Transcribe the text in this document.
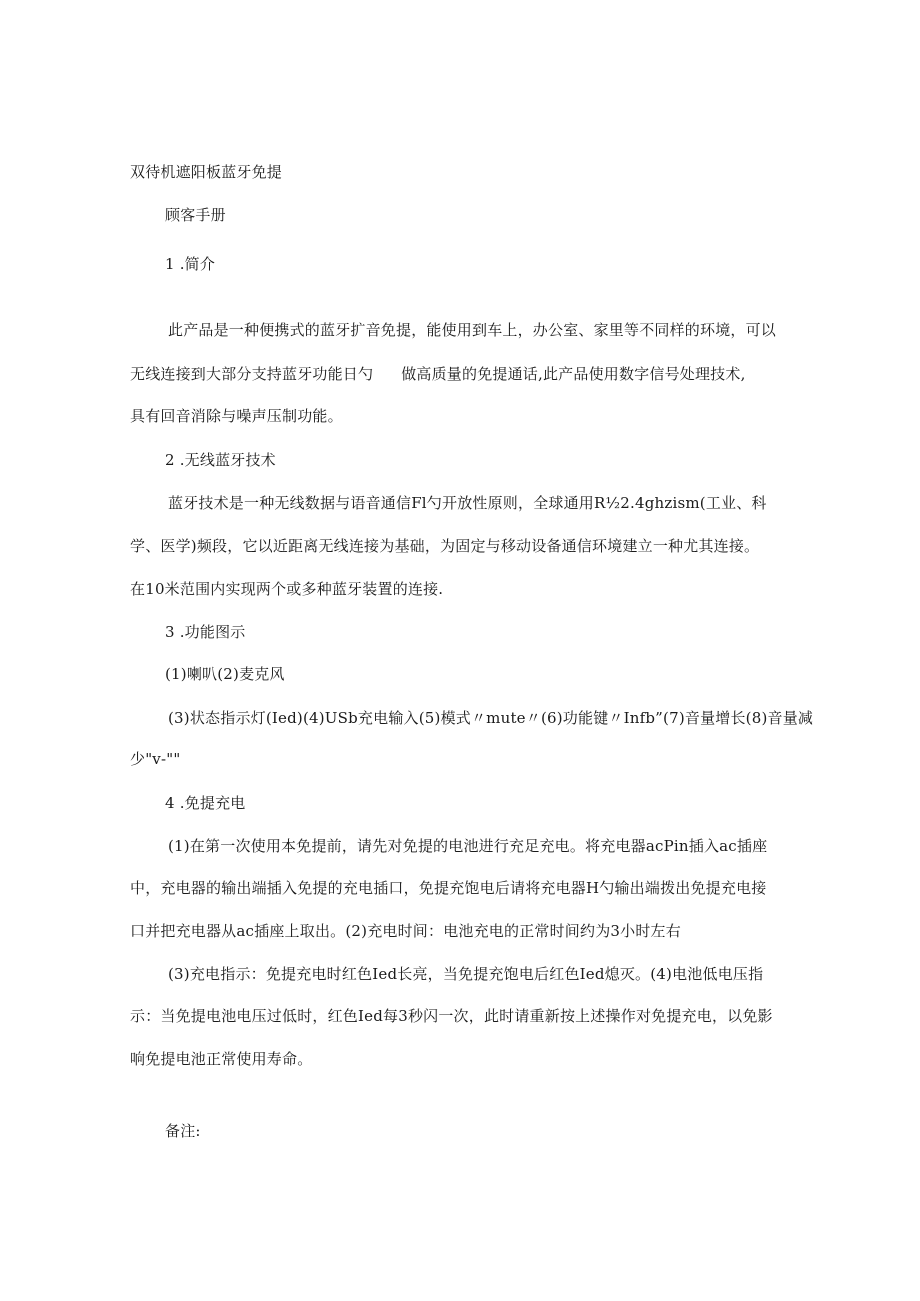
双待机遮阳板蓝牙免提
顾客手册
1 .简介
此产品是一种便携式的蓝牙扩音免提，能使用到车上，办公室、家里等不同样的环境，可以
无线连接到大部分支持蓝牙功能日勺 做高质量的免提通话,此产品使用数字信号处理技术,
具有回音消除与噪声压制功能。
2 .无线蓝牙技术
蓝牙技术是一种无线数据与语音通信Fl勺开放性原则，全球通用R½2.4ghzism(工业、科
学、医学)频段，它以近距离无线连接为基础，为固定与移动设备通信环境建立一种尤其连接。
在10米范围内实现两个或多种蓝牙装置的连接.
3 .功能图示
(1)喇叭(2)麦克风
(3)状态指示灯(Ied)(4)USb充电输入(5)模式〃mute〃(6)功能键〃Infb”(7)音量增长(8)音量减
少"v-""
4 .免提充电
(1)在第一次使用本免提前，请先对免提的电池进行充足充电。将充电器acPin插入ac插座
中，充电器的输出端插入免提的充电插口，免提充饱电后请将充电器H勺输出端拨出免提充电接
口并把充电器从ac插座上取出。(2)充电时间：电池充电的正常时间约为3小时左右
(3)充电指示：免提充电时红色Ied长亮，当免提充饱电后红色Ied熄灭。(4)电池低电压指
示：当免提电池电压过低时，红色Ied每3秒闪一次，此时请重新按上述操作对免提充电，以免影
响免提电池正常使用寿命。
备注:
